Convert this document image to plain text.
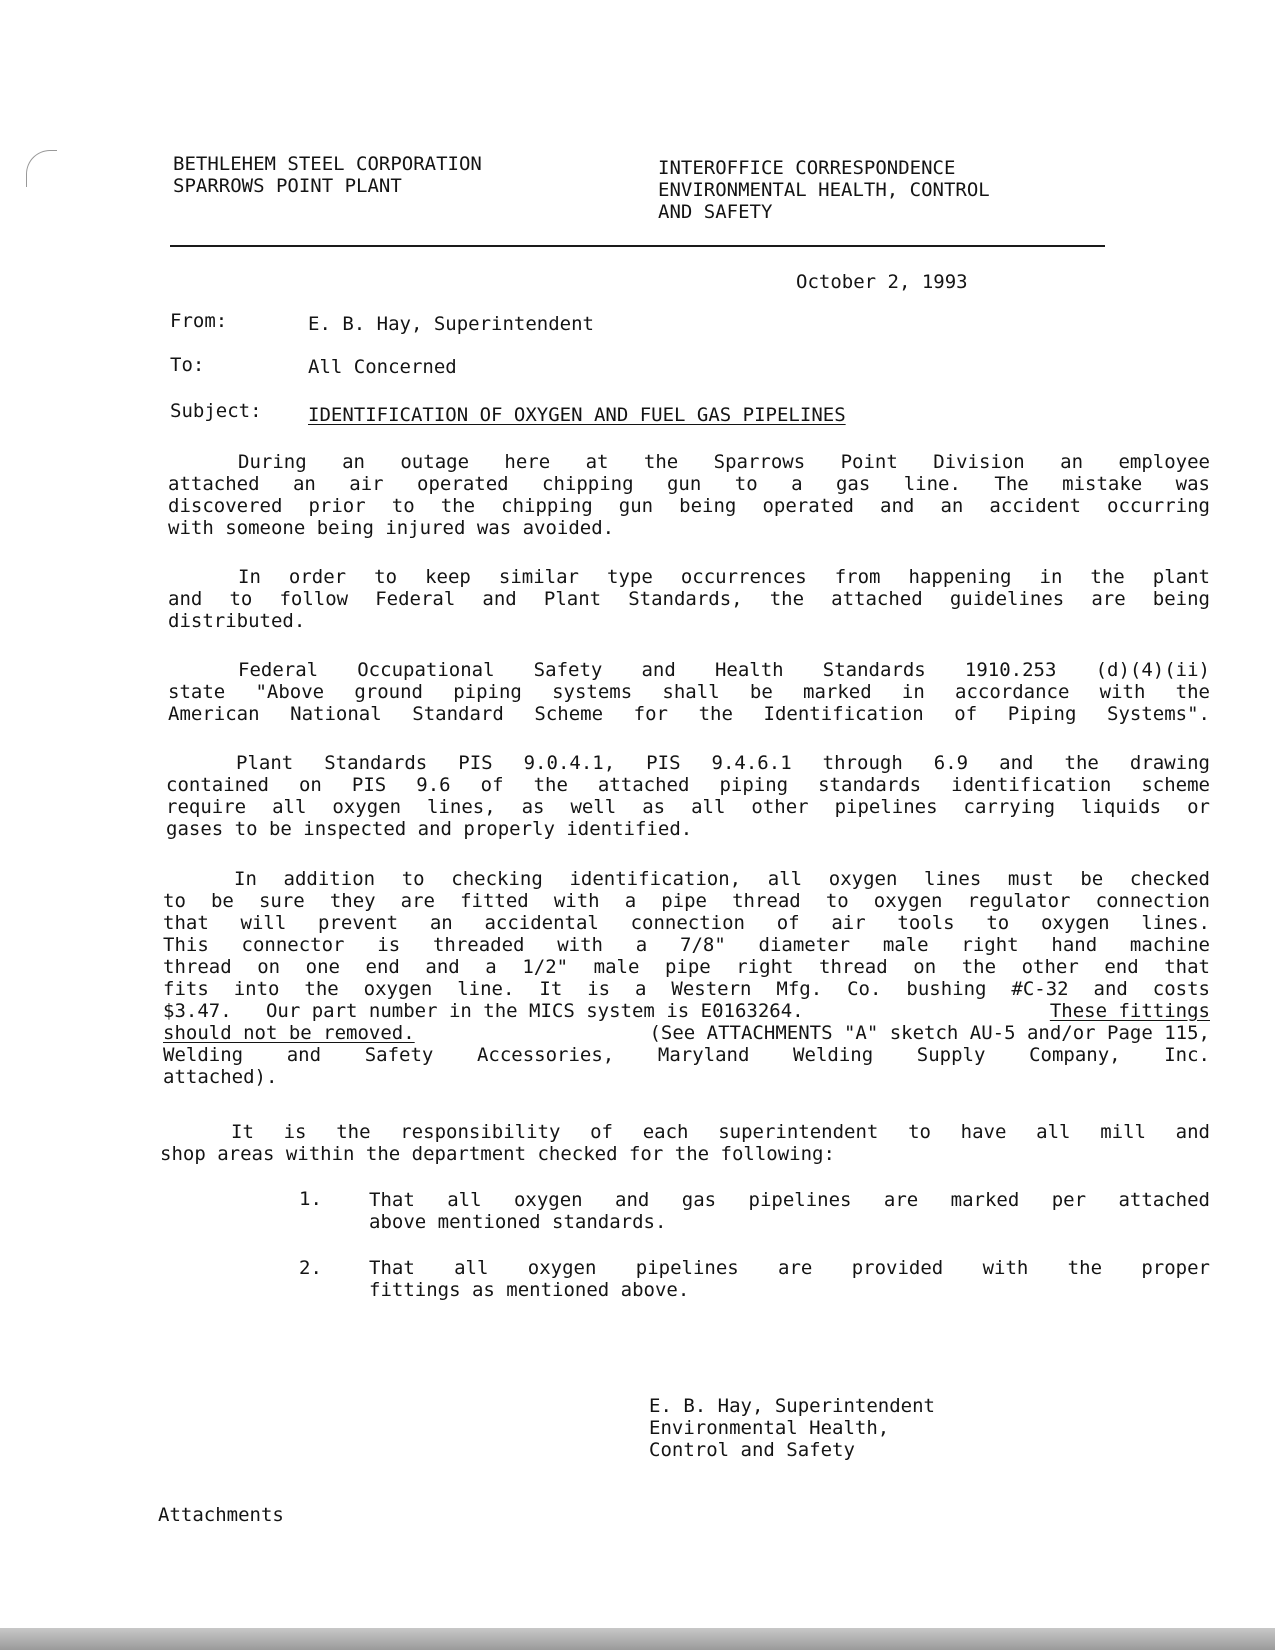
BETHLEHEM STEEL CORPORATION
SPARROWS POINT PLANT
INTEROFFICE CORRESPONDENCE
ENVIRONMENTAL HEALTH, CONTROL
AND SAFETY
October 2, 1993
From:	E. B. Hay, Superintendent
To:	All Concerned
Subject: IDENTIFICATION OF OXYGEN AND FUEL GAS PIPELINES
During an outage here at the Sparrows Point Division an employee
attached an air operated chipping gun to a gas line. The mistake was
discovered prior to the chipping gun being operated and an accident occurring
with someone being injured was avoided.
In order to keep similar type occurrences from happening in the plant
and to follow Federal and Plant Standards, the attached guidelines are being
distributed.
Federal Occupational Safety and Health Standards 1910.253 (d)(4)(ii)
state "Above ground piping systems shall be marked in accordance with the
American National Standard Scheme for the Identification of Piping Systems".
Plant Standards PIS 9.0.4.1, PIS 9.4.6.1 through 6.9 and the drawing
contained on PIS 9.6 of the attached piping standards identification scheme
require all oxygen lines, as well as all other pipelines carrying liquids or
gases to be inspected and properly identified.
In addition to checking identification, all oxygen lines must be checked
to be sure they are fitted with a pipe thread to oxygen regulator connection
that will prevent an accidental connection of air tools to oxygen lines.
This connector is threaded with a 7/8" diameter male right hand machine
thread on one end and a 1/2" male pipe right thread on the other end that
fits into the oxygen line. It is a Western Mfg. Co. bushing #C-32 and costs
$3.47.   Our part number in the MICS system is E0163264.	These fittings
should not be removed.	(See ATTACHMENTS "A" sketch AU-5 and/or Page 115,
Welding and Safety Accessories, Maryland Welding Supply Company, Inc.
attached).
It is the responsibility of each superintendent to have all mill and
shop areas within the department checked for the following:
1. That all oxygen and gas pipelines are marked per attached
above mentioned standards.
2. That all oxygen pipelines are provided with the proper
fittings as mentioned above.
E. B. Hay, Superintendent
Environmental Health,
Control and Safety
Attachments
